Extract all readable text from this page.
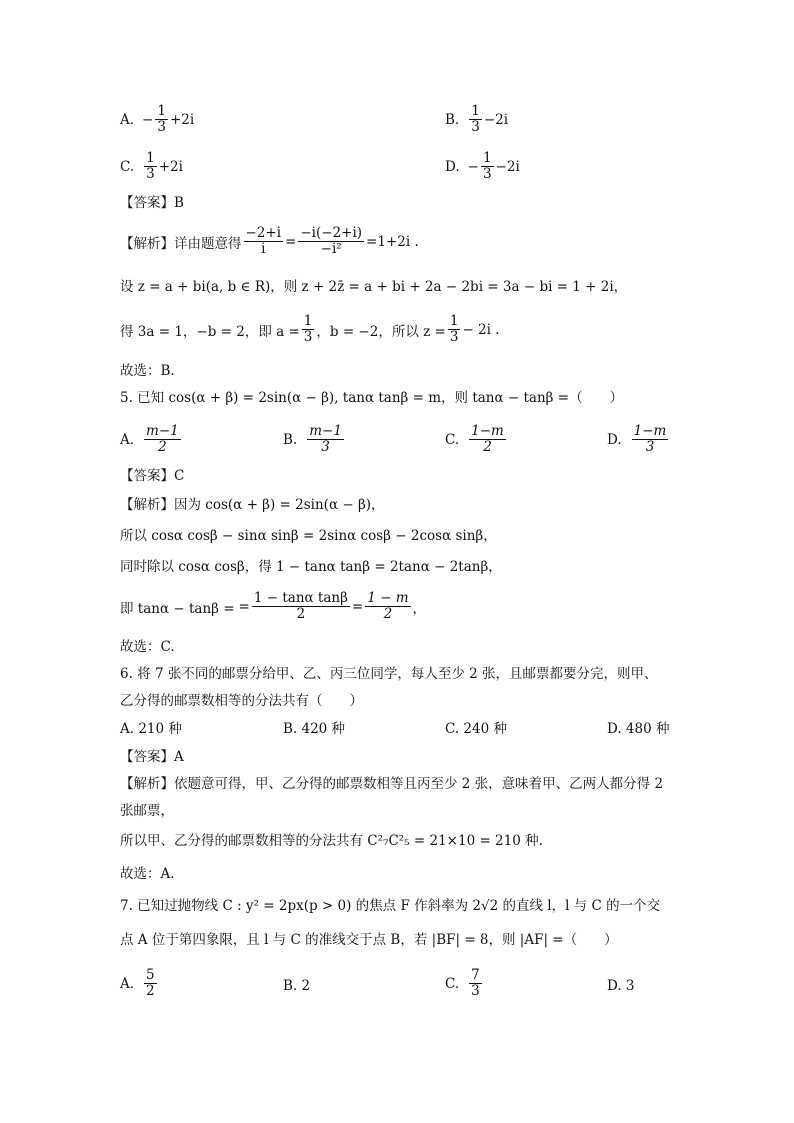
A. − $\frac{1}{3} +2i$	B. $\frac{1}{3} -2i$
C. $\frac{1}{3} +2i$	D. − $\frac{1}{3} -2i$
【答案】B
【解析】 详由题意得 $\frac{-2+i}{i} = \frac{-i(-2+i)}{\text{−i²}} =1+2i$ .
设 z = a + bi(a, b ∈ R)，则 z + 2z̄ = a + bi + 2a − 2bi = 3a − bi = 1 + 2i，
得 3a = 1，−b = 2，即 $a = \frac{1}{3}$ ，b = −2，所以 $z = \frac{1}{3} - 2i$ .
故选：B.
5. 已知 cos(α + β) = 2sin(α − β), tanα tanβ = m，则 tanα − tanβ =（　　）
A. $\frac{m-1}{2}$	B. $\frac{m-1}{3}$	C. $\frac{1-m}{2}$	D. $\frac{1-m}{3}$
【答案】C
【解析】因为 cos(α + β) = 2sin(α − β)，
所以 cosα cosβ − sinα sinβ = 2sinα cosβ − 2cosα sinβ，
同时除以 cosα cosβ，得 1 − tanα tanβ = 2tanα − 2tanβ，
即 tanα − tanβ = = $\frac{\text{1 − tanα tanβ}}{2} = \frac{1 - m}{2}$ ，
故选：C.
6. 将 7 张不同的邮票分给甲、乙、丙三位同学，每人至少 2 张，且邮票都要分完，则甲、
乙分得的邮票数相等的分法共有（　　）
A. 210 种	B. 420 种	C. 240 种	D. 480 种
【答案】A
【解析】依题意可得，甲、乙分得的邮票数相等且丙至少 2 张，意味着甲、乙两人都分得 2
张邮票，
所以甲、乙分得的邮票数相等的分法共有 C²₇C²₅ = 21×10 = 210 种.
故选：A.
7. 已知过抛物线 C : y² = 2px(p > 0) 的焦点 F 作斜率为 2√2 的直线 l，l 与 C 的一个交
点 A 位于第四象限，且 l 与 C 的准线交于点 B，若 |BF| = 8，则 |AF| =（　　）
A. $\frac{5}{2}$	B. 2	C. $\frac{7}{3}$	D. 3
